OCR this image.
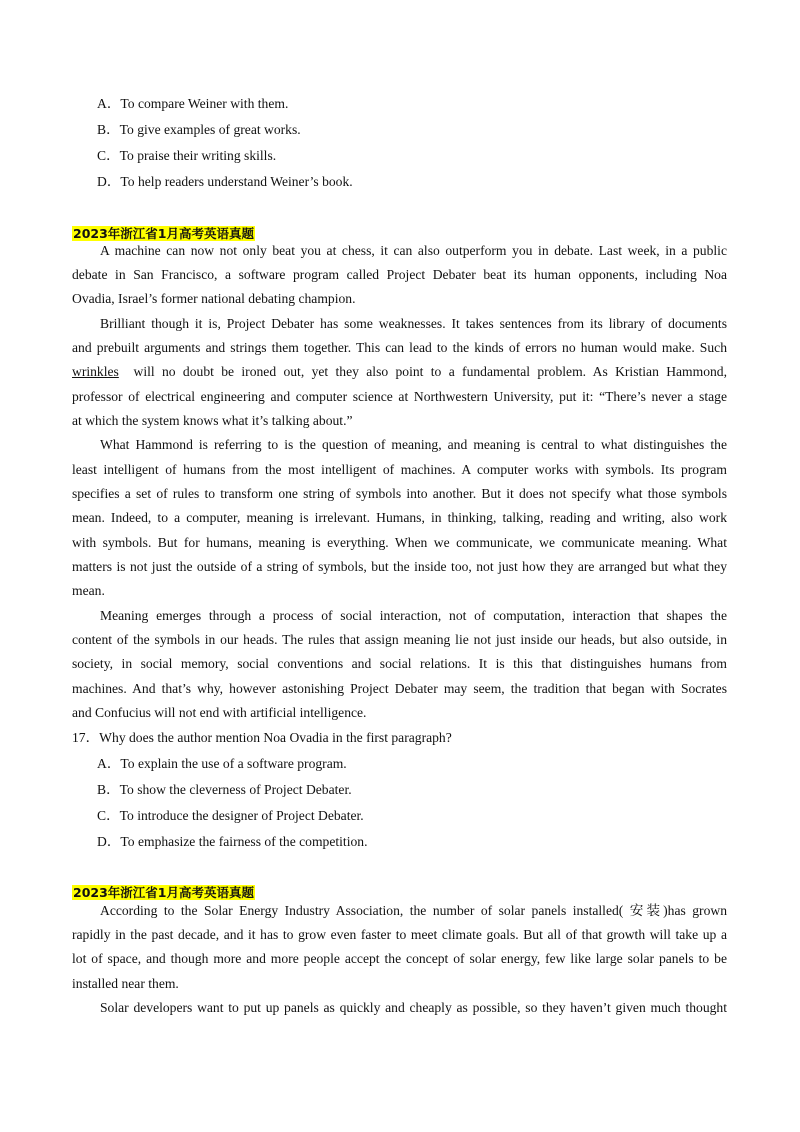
A．To compare Weiner with them.
B．To give examples of great works.
C．To praise their writing skills.
D．To help readers understand Weiner’s book.
2023年浙江省1月高考英语真题
A machine can now not only beat you at chess, it can also outperform you in debate. Last week, in a public
debate in San Francisco, a software program called Project Debater beat its human opponents, including Noa
Ovadia, Israel’s former national debating champion.
Brilliant though it is, Project Debater has some weaknesses. It takes sentences from its library of documents
and prebuilt arguments and strings them together. This can lead to the kinds of errors no human would make. Such
wrinkles  will no doubt be ironed out, yet they also point to a fundamental problem. As Kristian Hammond,
professor of electrical engineering and computer science at Northwestern University, put it: “There’s never a stage
at which the system knows what it’s talking about.”
What Hammond is referring to is the question of meaning, and meaning is central to what distinguishes the
least intelligent of humans from the most intelligent of machines. A computer works with symbols. Its program
specifies a set of rules to transform one string of symbols into another. But it does not specify what those symbols
mean. Indeed, to a computer, meaning is irrelevant. Humans, in thinking, talking, reading and writing, also work
with symbols. But for humans, meaning is everything. When we communicate, we communicate meaning. What
matters is not just the outside of a string of symbols, but the inside too, not just how they are arranged but what they
mean.
Meaning emerges through a process of social interaction, not of computation, interaction that shapes the
content of the symbols in our heads. The rules that assign meaning lie not just inside our heads, but also outside, in
society, in social memory, social conventions and social relations. It is this that distinguishes humans from
machines. And that’s why, however astonishing Project Debater may seem, the tradition that began with Socrates
and Confucius will not end with artificial intelligence.
17．Why does the author mention Noa Ovadia in the first paragraph?
A．To explain the use of a software program.
B．To show the cleverness of Project Debater.
C．To introduce the designer of Project Debater.
D．To emphasize the fairness of the competition.
2023年浙江省1月高考英语真题
According to the Solar Energy Industry Association, the number of solar panels installed( 安装)has grown
rapidly in the past decade, and it has to grow even faster to meet climate goals. But all of that growth will take up a
lot of space, and though more and more people accept the concept of solar energy, few like large solar panels to be
installed near them.
Solar developers want to put up panels as quickly and cheaply as possible, so they haven’t given much thought
